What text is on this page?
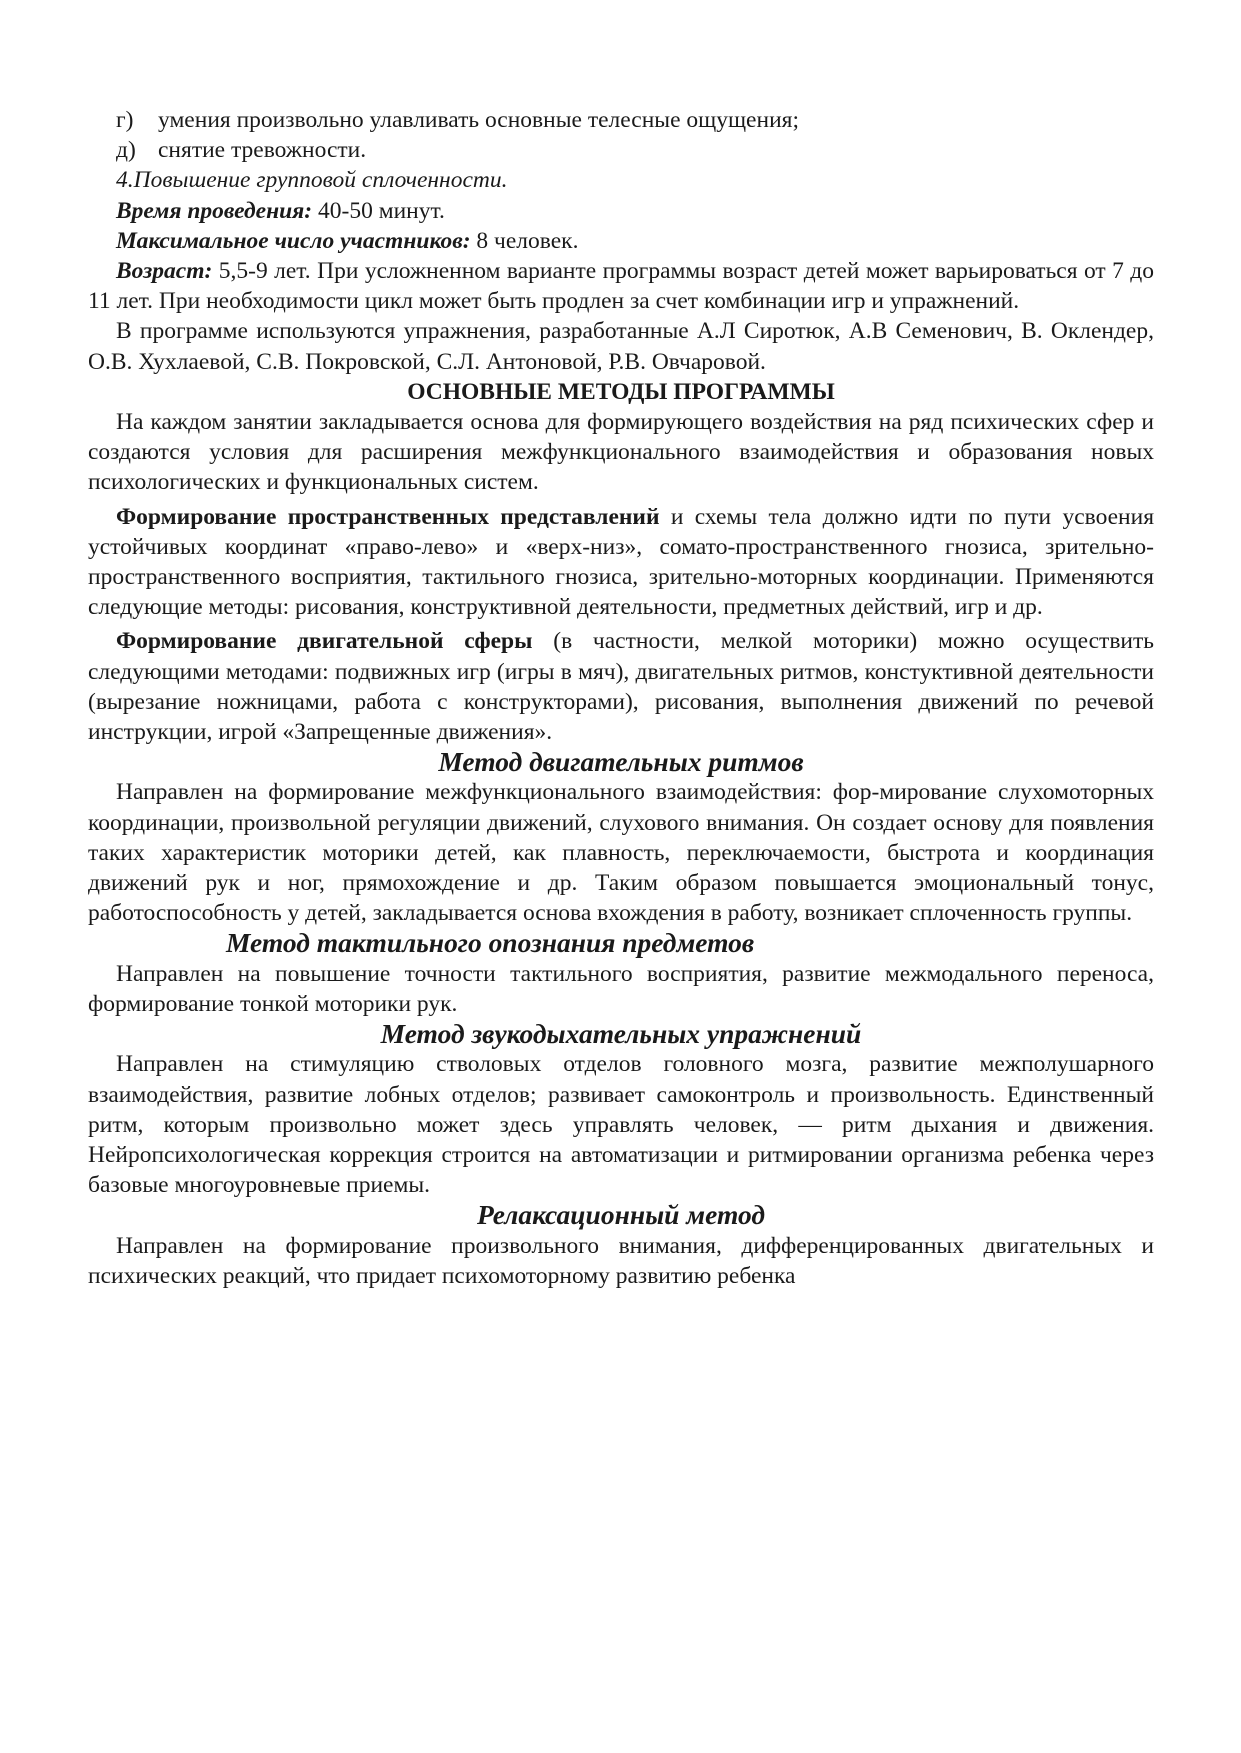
г) умения произвольно улавливать основные телесные ощущения;

д) снятие тревожности.

4.Повышение групповой сплоченности.

Время проведения: 40-50 минут.

Максимальное число участников: 8 человек.

Возраст: 5,5-9 лет. При усложненном варианте программы возраст детей может варьироваться от 7 до 11 лет. При необходимости цикл может быть продлен за счет комбинации игр и упражнений.

В программе используются упражнения, разработанные А.Л Сиротюк, А.В Семенович, В. Оклендер, О.В. Хухлаевой, С.В. Покровской, С.Л. Антоновой, Р.В. Овчаровой.

ОСНОВНЫЕ МЕТОДЫ ПРОГРАММЫ

На каждом занятии закладывается основа для формирующего воздействия на ряд психических сфер и создаются условия для расширения межфункционального взаимодействия и образования новых психологических и функциональных систем.

Формирование пространственных представлений и схемы тела должно идти по пути усвоения устойчивых координат «право-лево» и «верх-низ», сомато-пространственного гнозиса, зрительно-пространственного восприятия, тактильного гнозиса, зрительно-моторных координации. Применяются следующие методы: рисования, конструктивной деятельности, предметных действий, игр и др.

Формирование двигательной сферы (в частности, мелкой моторики) можно осуществить следующими методами: подвижных игр (игры в мяч), двигательных ритмов, констуктивной деятельности (вырезание ножницами, работа с конструкторами), рисования, выполнения движений по речевой инструкции, игрой «Запрещенные движения».

Метод двигательных ритмов

Направлен на формирование межфункционального взаимодействия: фор-мирование слухомоторных координации, произвольной регуляции движений, слухового внимания. Он создает основу для появления таких характеристик моторики детей, как плавность, переключаемости, быстрота и координация движений рук и ног, прямохождение и др. Таким образом повышается эмоциональный тонус, работоспособность у детей, закладывается основа вхождения в работу, возникает сплоченность группы.

Метод тактильного опознания предметов

Направлен на повышение точности тактильного восприятия, развитие межмодального переноса, формирование тонкой моторики рук.

Метод звукодыхательных упражнений

Направлен на стимуляцию стволовых отделов головного мозга, развитие межполушарного взаимодействия, развитие лобных отделов; развивает самоконтроль и произвольность. Единственный ритм, которым произвольно может здесь управлять человек, — ритм дыхания и движения. Нейропсихологическая коррекция строится на автоматизации и ритмировании организма ребенка через базовые многоуровневые приемы.

Релаксационный метод

Направлен на формирование произвольного внимания, дифференцированных двигательных и психических реакций, что придает психомоторному развитию ребенка
